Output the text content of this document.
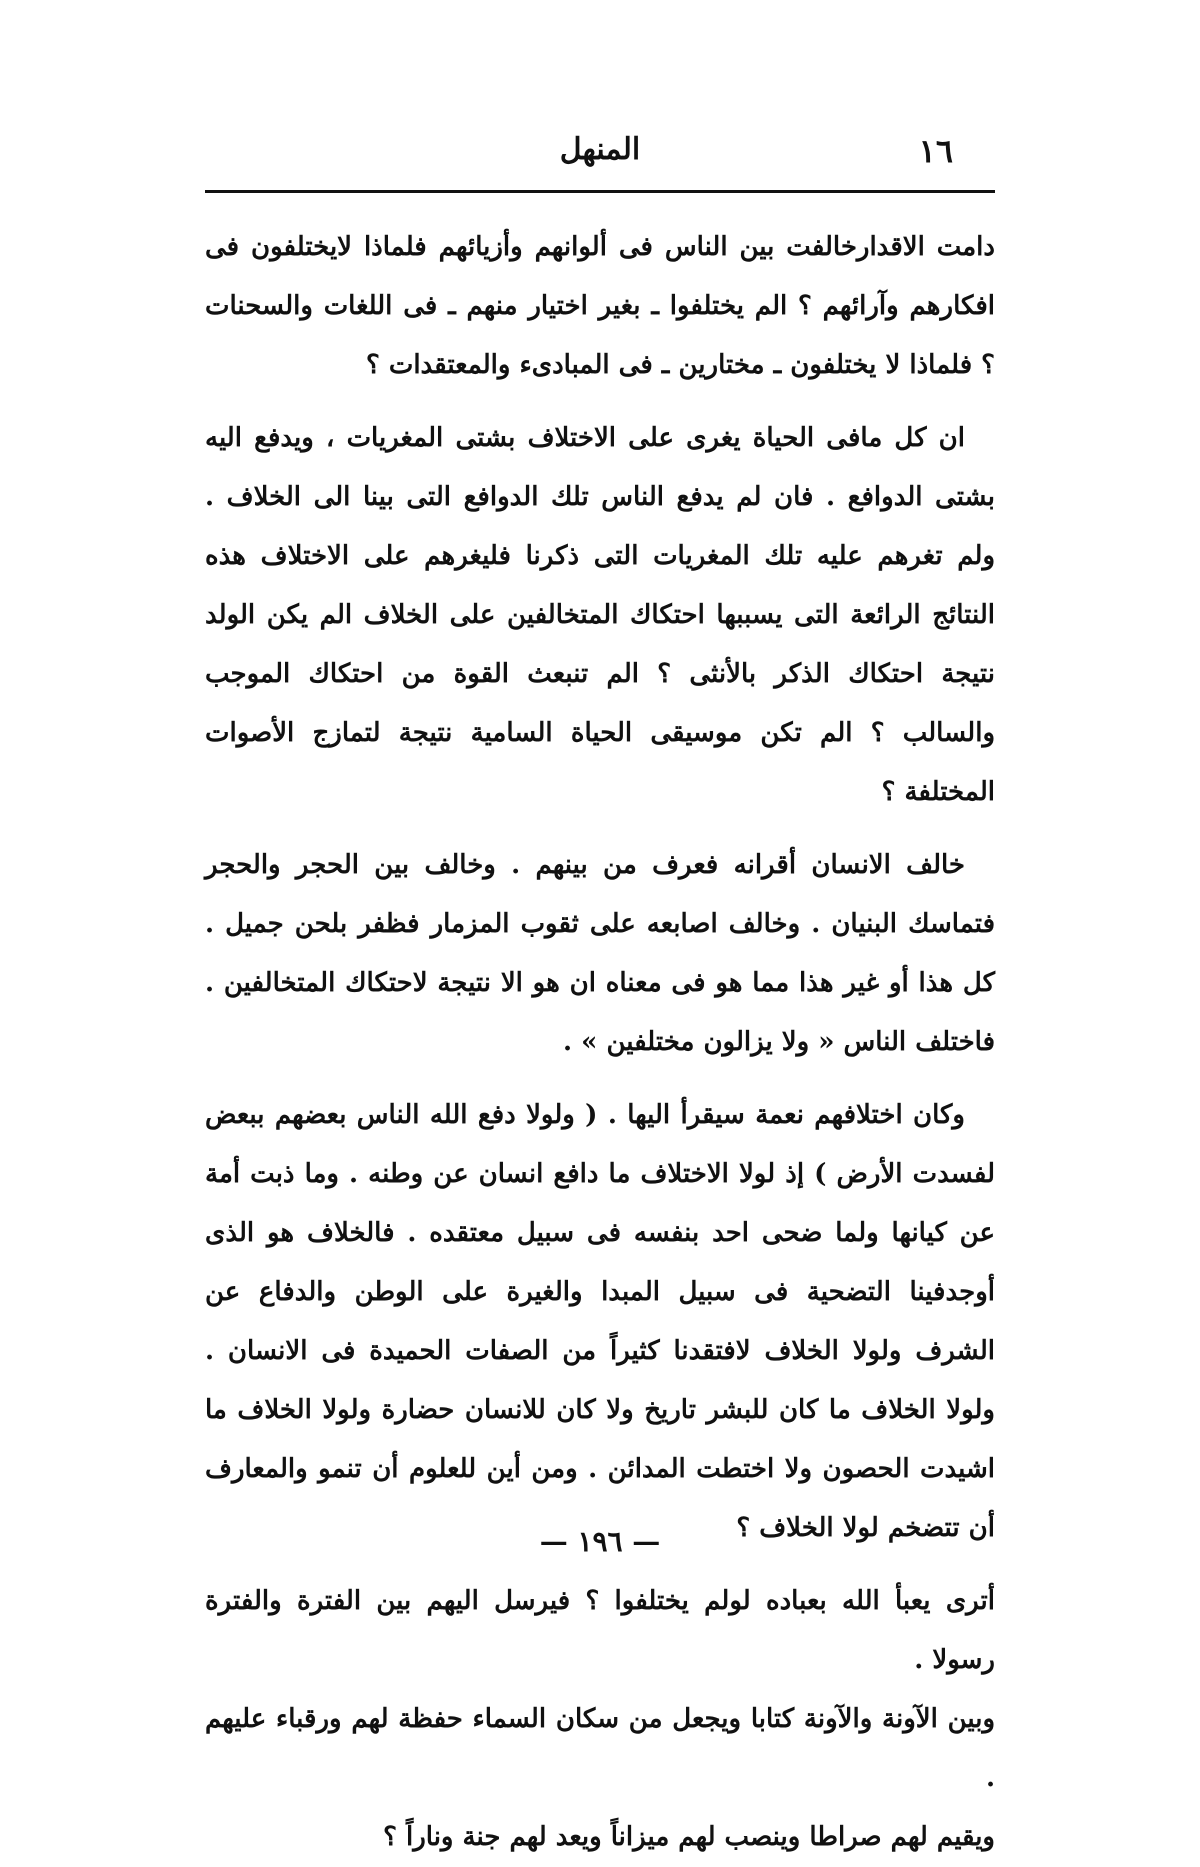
المنهل	١٦

دامت الاقدارخالفت بين الناس فى ألوانهم وأزيائهم فلماذا لايختلفون فى افكارهم وآرائهم ؟ الم يختلفوا ـ بغير اختيار منهم ـ فى اللغات والسحنات ؟ فلماذا لا يختلفون ـ مختارين ـ فى المبادىء والمعتقدات ؟

ان كل مافى الحياة يغرى على الاختلاف بشتى المغريات ، ويدفع اليه بشتى الدوافع . فان لم يدفع الناس تلك الدوافع التى بينا الى الخلاف . ولم تغرهم عليه تلك المغريات التى ذكرنا فليغرهم على الاختلاف هذه النتائج الرائعة التى يسببها احتكاك المتخالفين على الخلاف الم يكن الولد نتيجة احتكاك الذكر بالأنثى ؟ الم تنبعث القوة من احتكاك الموجب والسالب ؟ الم تكن موسيقى الحياة السامية نتيجة لتمازج الأصوات المختلفة ؟

خالف الانسان أقرانه فعرف من بينهم . وخالف بين الحجر والحجر فتماسك البنيان . وخالف اصابعه على ثقوب المزمار فظفر بلحن جميل . كل هذا أو غير هذا مما هو فى معناه ان هو الا نتيجة لاحتكاك المتخالفين . فاختلف الناس « ولا يزالون مختلفين » .

وكان اختلافهم نعمة سيقرأ اليها . ( ولولا دفع الله الناس بعضهم ببعض لفسدت الأرض ) إذ لولا الاختلاف ما دافع انسان عن وطنه . وما ذبت أمة عن كيانها ولما ضحى احد بنفسه فى سبيل معتقده . فالخلاف هو الذى أوجدفينا التضحية فى سبيل المبدا والغيرة على الوطن والدفاع عن الشرف ولولا الخلاف لافتقدنا كثيراً من الصفات الحميدة فى الانسان . ولولا الخلاف ما كان للبشر تاريخ ولا كان للانسان حضارة ولولا الخلاف ما اشيدت الحصون ولا اختطت المدائن . ومن أين للعلوم أن تنمو والمعارف أن تتضخم لولا الخلاف ؟

أترى يعبأ الله بعباده لولم يختلفوا ؟ فيرسل اليهم بين الفترة والفترة رسولا .

وبين الآونة والآونة كتابا ويجعل من سكان السماء حفظة لهم ورقباء عليهم .

ويقيم لهم صراطا وينصب لهم ميزاناً ويعد لهم جنة وناراً ؟

— ١٩٦ —
